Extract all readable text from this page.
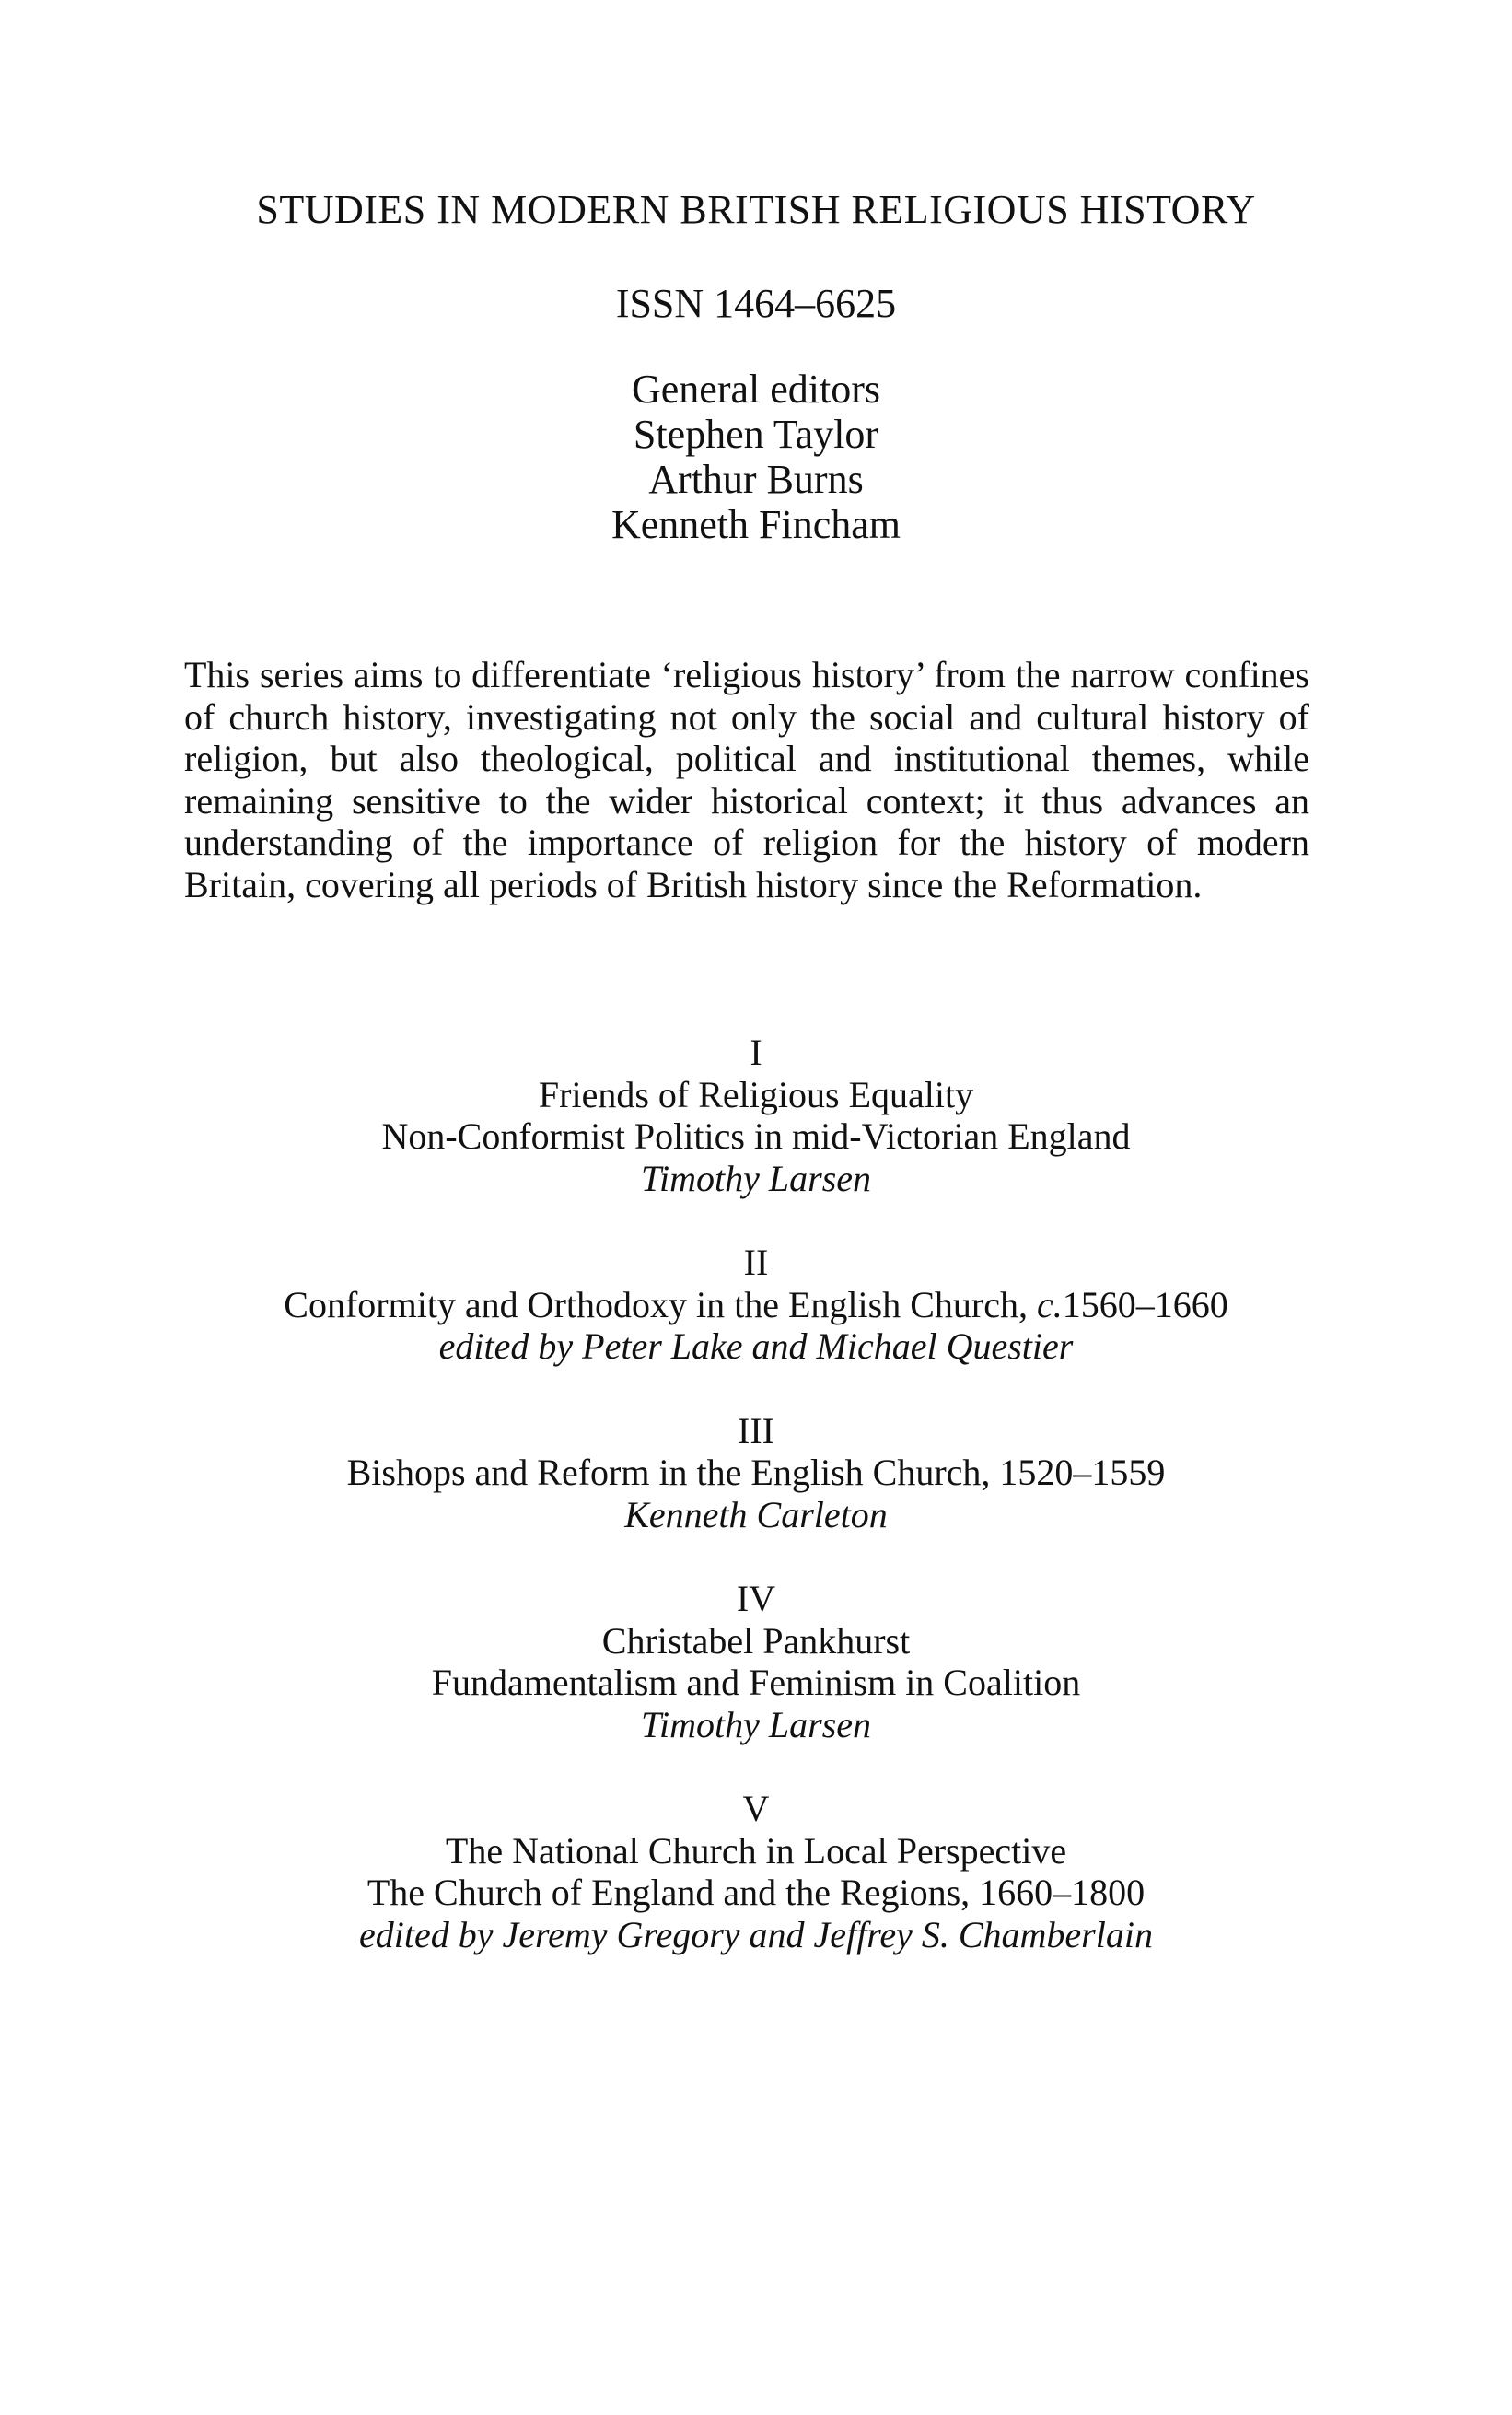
STUDIES IN MODERN BRITISH RELIGIOUS HISTORY
ISSN 1464–6625
General editors
Stephen Taylor
Arthur Burns
Kenneth Fincham
This series aims to differentiate ‘religious history’ from the narrow confines of church history, investigating not only the social and cultural history of religion, but also theological, political and institutional themes, while remaining sensitive to the wider historical context; it thus advances an understanding of the importance of religion for the history of modern Britain, covering all periods of British history since the Reformation.
I
Friends of Religious Equality
Non-Conformist Politics in mid-Victorian England
Timothy Larsen
II
Conformity and Orthodoxy in the English Church, c.1560–1660
edited by Peter Lake and Michael Questier
III
Bishops and Reform in the English Church, 1520–1559
Kenneth Carleton
IV
Christabel Pankhurst
Fundamentalism and Feminism in Coalition
Timothy Larsen
V
The National Church in Local Perspective
The Church of England and the Regions, 1660–1800
edited by Jeremy Gregory and Jeffrey S. Chamberlain
